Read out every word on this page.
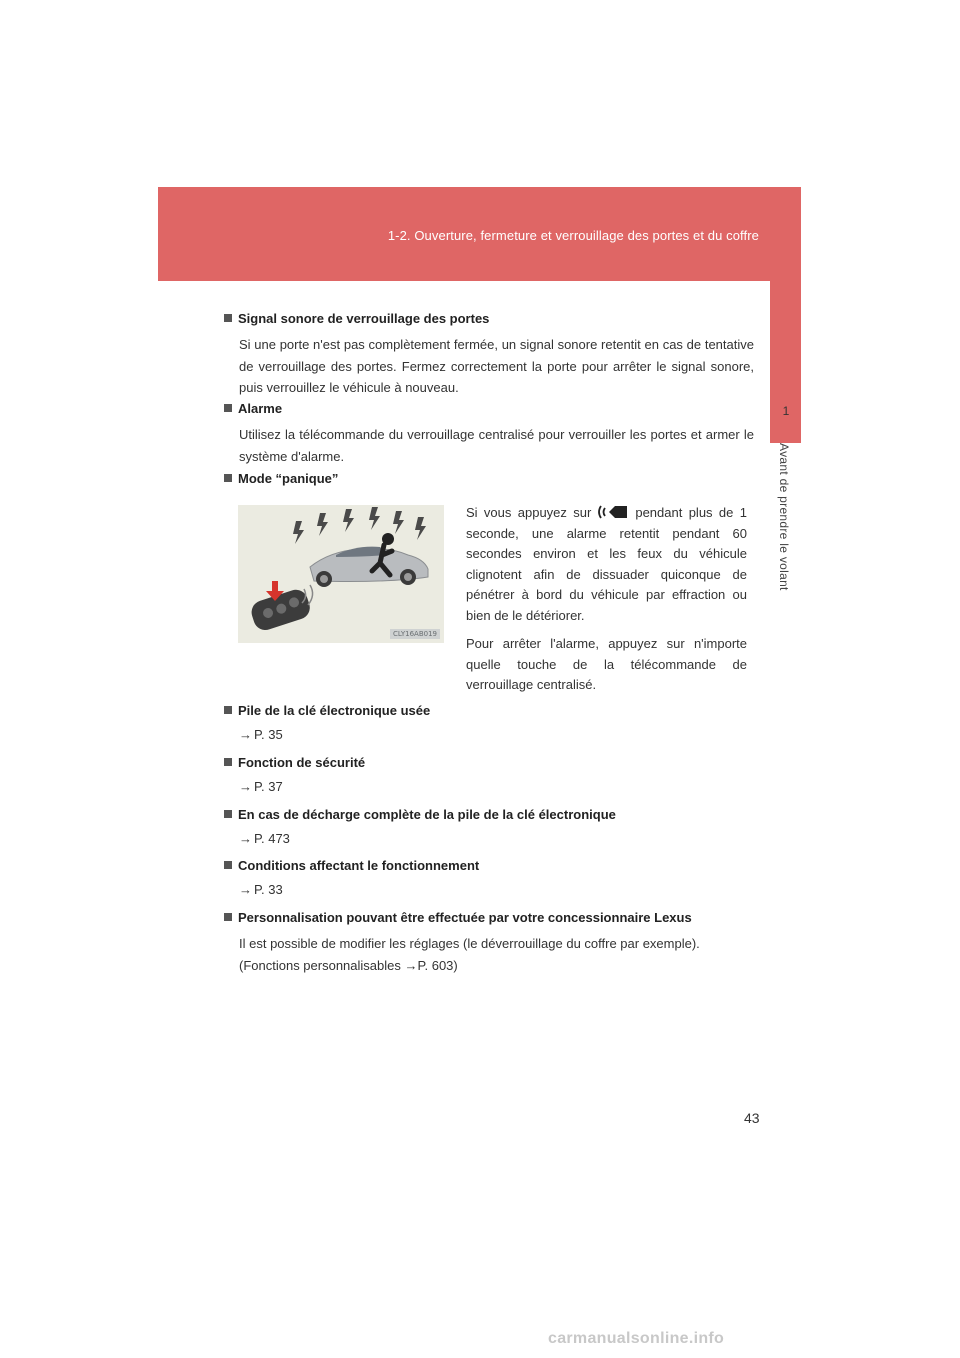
1-2. Ouverture, fermeture et verrouillage des portes et du coffre
1
Avant de prendre le volant
Signal sonore de verrouillage des portes
Si une porte n'est pas complètement fermée, un signal sonore retentit en cas de tentative de verrouillage des portes. Fermez correctement la porte pour arrêter le signal sonore, puis verrouillez le véhicule à nouveau.
Alarme
Utilisez la télécommande du verrouillage centralisé pour verrouiller les portes et armer le système d'alarme.
Mode “panique”
CLY16AB019

Si vous appuyez sur	pendant plus de 1 seconde, une alarme retentit pendant 60 secondes environ et les feux du véhicule clignotent afin de dissuader quiconque de pénétrer à bord du véhicule par effraction ou bien de le détériorer.

Pour arrêter l'alarme, appuyez sur n'importe quelle touche de la télécommande de verrouillage centralisé.

Pile de la clé électronique usée
→ P. 35
Fonction de sécurité
→ P. 37
En cas de décharge complète de la pile de la clé électronique
→ P. 473
Conditions affectant le fonctionnement
→ P. 33
Personnalisation pouvant être effectuée par votre concessionnaire Lexus
Il est possible de modifier les réglages (le déverrouillage du coffre par exemple).
(Fonctions personnalisables →P. 603)
43
carmanualsonline.info
